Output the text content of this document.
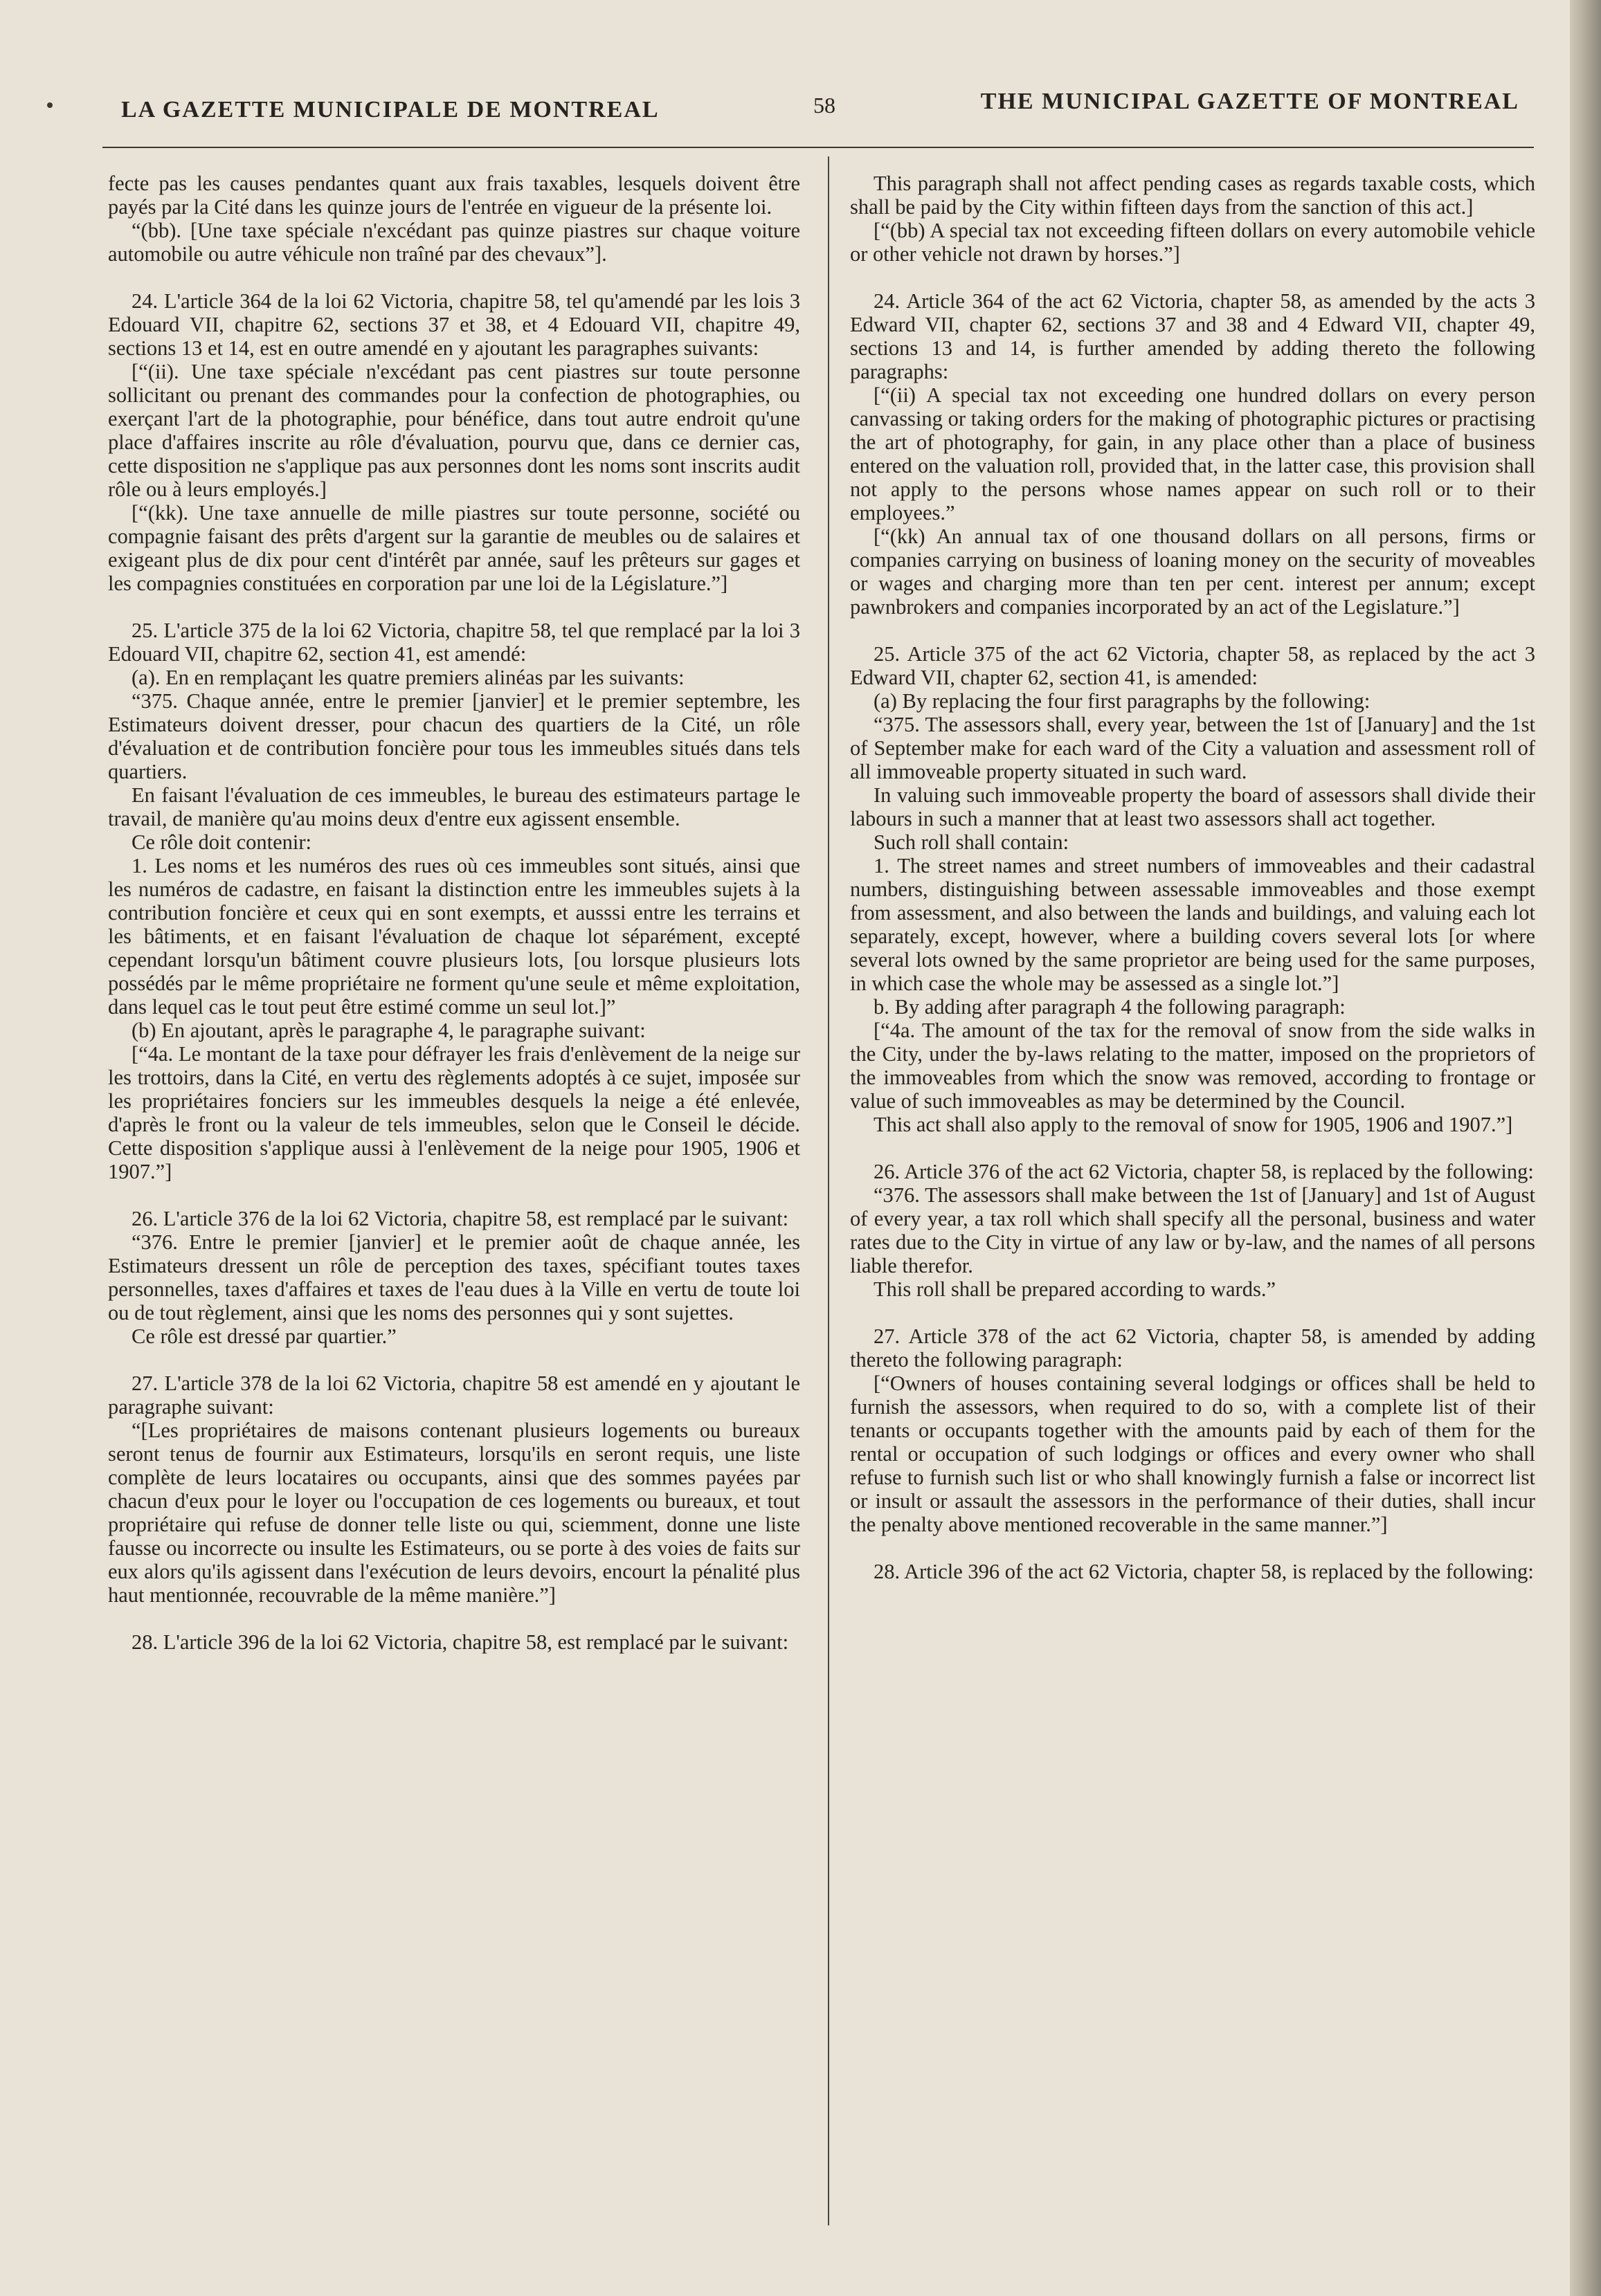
LA GAZETTE MUNICIPALE DE MONTREAL	58	THE MUNICIPAL GAZETTE OF MONTREAL

fecte pas les causes pendantes quant aux frais taxables, lesquels doivent être payés par la Cité dans les quinze jours de l'entrée en vigueur de la présente loi.

“(bb). [Une taxe spéciale n'excédant pas quinze piastres sur chaque voiture automobile ou autre véhicule non traîné par des chevaux”].

24. L'article 364 de la loi 62 Victoria, chapitre 58, tel qu'amendé par les lois 3 Edouard VII, chapitre 62, sections 37 et 38, et 4 Edouard VII, chapitre 49, sections 13 et 14, est en outre amendé en y ajoutant les paragraphes suivants:

[“(ii). Une taxe spéciale n'excédant pas cent piastres sur toute personne sollicitant ou prenant des commandes pour la confection de photographies, ou exerçant l'art de la photographie, pour bénéfice, dans tout autre endroit qu'une place d'affaires inscrite au rôle d'évaluation, pourvu que, dans ce dernier cas, cette disposition ne s'applique pas aux personnes dont les noms sont inscrits audit rôle ou à leurs employés.]

[“(kk). Une taxe annuelle de mille piastres sur toute personne, société ou compagnie faisant des prêts d'argent sur la garantie de meubles ou de salaires et exigeant plus de dix pour cent d'intérêt par année, sauf les prêteurs sur gages et les compagnies constituées en corporation par une loi de la Législature.”]

25. L'article 375 de la loi 62 Victoria, chapitre 58, tel que remplacé par la loi 3 Edouard VII, chapitre 62, section 41, est amendé:

(a). En en remplaçant les quatre premiers alinéas par les suivants:

“375. Chaque année, entre le premier [janvier] et le premier septembre, les Estimateurs doivent dresser, pour chacun des quartiers de la Cité, un rôle d'évaluation et de contribution foncière pour tous les immeubles situés dans tels quartiers.

En faisant l'évaluation de ces immeubles, le bureau des estimateurs partage le travail, de manière qu'au moins deux d'entre eux agissent ensemble.

Ce rôle doit contenir:

1. Les noms et les numéros des rues où ces immeubles sont situés, ainsi que les numéros de cadastre, en faisant la distinction entre les immeubles sujets à la contribution foncière et ceux qui en sont exempts, et ausssi entre les terrains et les bâtiments, et en faisant l'évaluation de chaque lot séparément, excepté cependant lorsqu'un bâtiment couvre plusieurs lots, [ou lorsque plusieurs lots possédés par le même propriétaire ne forment qu'une seule et même exploitation, dans lequel cas le tout peut être estimé comme un seul lot.]”

(b) En ajoutant, après le paragraphe 4, le paragraphe suivant:

[“4a. Le montant de la taxe pour défrayer les frais d'enlèvement de la neige sur les trottoirs, dans la Cité, en vertu des règlements adoptés à ce sujet, imposée sur les propriétaires fonciers sur les immeubles desquels la neige a été enlevée, d'après le front ou la valeur de tels immeubles, selon que le Conseil le décide. Cette disposition s'applique aussi à l'enlèvement de la neige pour 1905, 1906 et 1907.”]

26. L'article 376 de la loi 62 Victoria, chapitre 58, est remplacé par le suivant:

“376. Entre le premier [janvier] et le premier août de chaque année, les Estimateurs dressent un rôle de perception des taxes, spécifiant toutes taxes personnelles, taxes d'affaires et taxes de l'eau dues à la Ville en vertu de toute loi ou de tout règlement, ainsi que les noms des personnes qui y sont sujettes.

Ce rôle est dressé par quartier.”

27. L'article 378 de la loi 62 Victoria, chapitre 58 est amendé en y ajoutant le paragraphe suivant:

“[Les propriétaires de maisons contenant plusieurs logements ou bureaux seront tenus de fournir aux Estimateurs, lorsqu'ils en seront requis, une liste complète de leurs locataires ou occupants, ainsi que des sommes payées par chacun d'eux pour le loyer ou l'occupation de ces logements ou bureaux, et tout propriétaire qui refuse de donner telle liste ou qui, sciemment, donne une liste fausse ou incorrecte ou insulte les Estimateurs, ou se porte à des voies de faits sur eux alors qu'ils agissent dans l'exécution de leurs devoirs, encourt la pénalité plus haut mentionnée, recouvrable de la même manière.”]

28. L'article 396 de la loi 62 Victoria, chapitre 58, est remplacé par le suivant:

This paragraph shall not affect pending cases as regards taxable costs, which shall be paid by the City within fifteen days from the sanction of this act.]

[“(bb) A special tax not exceeding fifteen dollars on every automobile vehicle or other vehicle not drawn by horses.”]

24. Article 364 of the act 62 Victoria, chapter 58, as amended by the acts 3 Edward VII, chapter 62, sections 37 and 38 and 4 Edward VII, chapter 49, sections 13 and 14, is further amended by adding thereto the following paragraphs:

[“(ii) A special tax not exceeding one hundred dollars on every person canvassing or taking orders for the making of photographic pictures or practising the art of photography, for gain, in any place other than a place of business entered on the valuation roll, provided that, in the latter case, this provision shall not apply to the persons whose names appear on such roll or to their employees.”

[“(kk) An annual tax of one thousand dollars on all persons, firms or companies carrying on business of loaning money on the security of moveables or wages and charging more than ten per cent. interest per annum; except pawnbrokers and companies incorporated by an act of the Legislature.”]

25. Article 375 of the act 62 Victoria, chapter 58, as replaced by the act 3 Edward VII, chapter 62, section 41, is amended:

(a) By replacing the four first paragraphs by the following:

“375. The assessors shall, every year, between the 1st of [January] and the 1st of September make for each ward of the City a valuation and assessment roll of all immoveable property situated in such ward.

In valuing such immoveable property the board of assessors shall divide their labours in such a manner that at least two assessors shall act together.

Such roll shall contain:

1. The street names and street numbers of immoveables and their cadastral numbers, distinguishing between assessable immoveables and those exempt from assessment, and also between the lands and buildings, and valuing each lot separately, except, however, where a building covers several lots [or where several lots owned by the same proprietor are being used for the same purposes, in which case the whole may be assessed as a single lot.”]

b. By adding after paragraph 4 the following paragraph:

[“4a. The amount of the tax for the removal of snow from the side walks in the City, under the by-laws relating to the matter, imposed on the proprietors of the immoveables from which the snow was removed, according to frontage or value of such immoveables as may be determined by the Council.

This act shall also apply to the removal of snow for 1905, 1906 and 1907.”]

26. Article 376 of the act 62 Victoria, chapter 58, is replaced by the following:

“376. The assessors shall make between the 1st of [January] and 1st of August of every year, a tax roll which shall specify all the personal, business and water rates due to the City in virtue of any law or by-law, and the names of all persons liable therefor.

This roll shall be prepared according to wards.”

27. Article 378 of the act 62 Victoria, chapter 58, is amended by adding thereto the following paragraph:

[“Owners of houses containing several lodgings or offices shall be held to furnish the assessors, when required to do so, with a complete list of their tenants or occupants together with the amounts paid by each of them for the rental or occupation of such lodgings or offices and every owner who shall refuse to furnish such list or who shall knowingly furnish a false or incorrect list or insult or assault the assessors in the performance of their duties, shall incur the penalty above mentioned recoverable in the same manner.”]

28. Article 396 of the act 62 Victoria, chapter 58, is replaced by the following:
